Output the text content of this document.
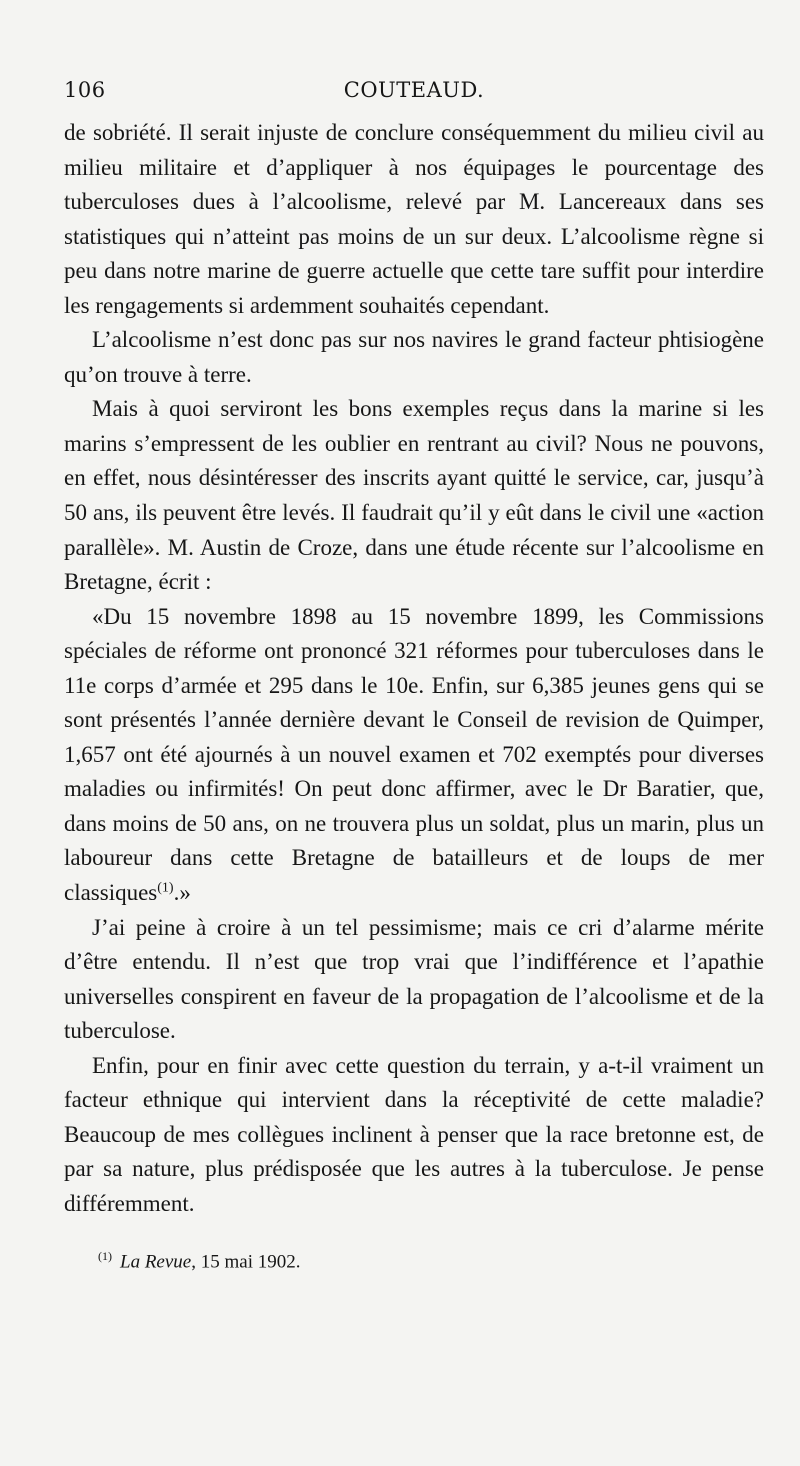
106	COUTEAUD.

de sobriété. Il serait injuste de conclure conséquemment du milieu civil au milieu militaire et d’appliquer à nos équipages le pourcentage des tuberculoses dues à l’alcoolisme, relevé par M. Lancereaux dans ses statistiques qui n’atteint pas moins de un sur deux. L’alcoolisme règne si peu dans notre marine de guerre actuelle que cette tare suffit pour interdire les rengagements si ardemment souhaités cependant.

L’alcoolisme n’est donc pas sur nos navires le grand facteur phtisiogène qu’on trouve à terre.

Mais à quoi serviront les bons exemples reçus dans la marine si les marins s’empressent de les oublier en rentrant au civil? Nous ne pouvons, en effet, nous désintéresser des inscrits ayant quitté le service, car, jusqu’à 50 ans, ils peuvent être levés. Il faudrait qu’il y eût dans le civil une «action parallèle». M. Austin de Croze, dans une étude récente sur l’alcoolisme en Bretagne, écrit :

«Du 15 novembre 1898 au 15 novembre 1899, les Commissions spéciales de réforme ont prononcé 321 réformes pour tuberculoses dans le 11e corps d’armée et 295 dans le 10e. Enfin, sur 6,385 jeunes gens qui se sont présentés l’année dernière devant le Conseil de revision de Quimper, 1,657 ont été ajournés à un nouvel examen et 702 exemptés pour diverses maladies ou infirmités! On peut donc affirmer, avec le Dr Baratier, que, dans moins de 50 ans, on ne trouvera plus un soldat, plus un marin, plus un laboureur dans cette Bretagne de batailleurs et de loups de mer classiques$^{(1)}$.»

J’ai peine à croire à un tel pessimisme; mais ce cri d’alarme mérite d’être entendu. Il n’est que trop vrai que l’indifférence et l’apathie universelles conspirent en faveur de la propagation de l’alcoolisme et de la tuberculose.

Enfin, pour en finir avec cette question du terrain, y a-t-il vraiment un facteur ethnique qui intervient dans la réceptivité de cette maladie? Beaucoup de mes collègues inclinent à penser que la race bretonne est, de par sa nature, plus prédisposée que les autres à la tuberculose. Je pense différemment.

$^{(1)}$ La Revue, 15 mai 1902.
